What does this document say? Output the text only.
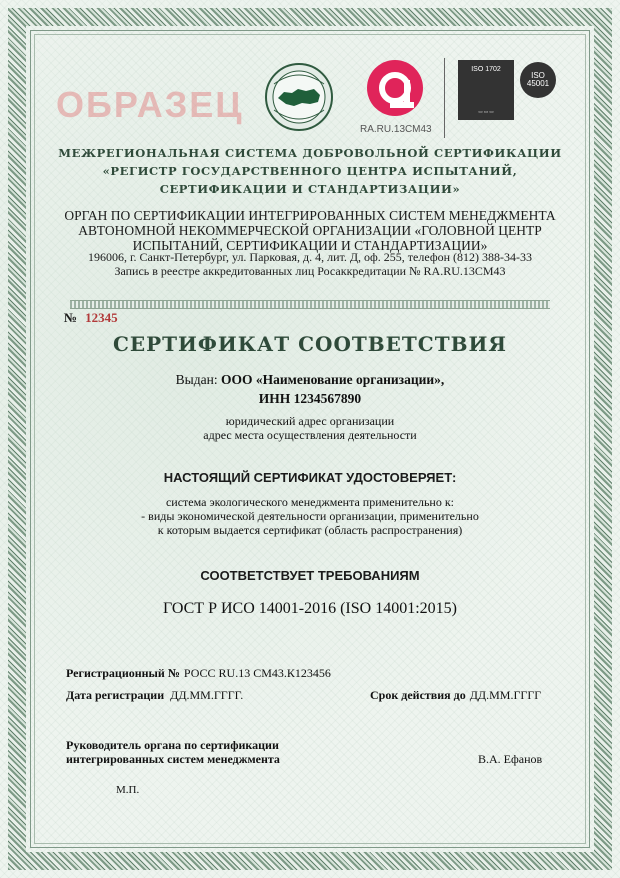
ОБРАЗЕЦ
RA.RU.13СМ43
ISO 1702
▭ ▭ ▭
ISO
45001
МЕЖРЕГИОНАЛЬНАЯ СИСТЕМА ДОБРОВОЛЬНОЙ СЕРТИФИКАЦИИ
«РЕГИСТР ГОСУДАРСТВЕННОГО ЦЕНТРА ИСПЫТАНИЙ,
СЕРТИФИКАЦИИ И СТАНДАРТИЗАЦИИ»
ОРГАН ПО СЕРТИФИКАЦИИ ИНТЕГРИРОВАННЫХ СИСТЕМ МЕНЕДЖМЕНТА
АВТОНОМНОЙ НЕКОММЕРЧЕСКОЙ ОРГАНИЗАЦИИ «ГОЛОВНОЙ ЦЕНТР
ИСПЫТАНИЙ, СЕРТИФИКАЦИИ И СТАНДАРТИЗАЦИИ»
196006, г. Санкт-Петербург, ул. Парковая, д. 4, лит. Д, оф. 255, телефон (812) 388-34-33
Запись в реестре аккредитованных лиц Росаккредитации № RA.RU.13СМ43
№ 12345
СЕРТИФИКАТ СООТВЕТСТВИЯ
Выдан: ООО «Наименование организации»,
ИНН 1234567890
юридический адрес организации
адрес места осуществления деятельности
НАСТОЯЩИЙ СЕРТИФИКАТ УДОСТОВЕРЯЕТ:
система экологического менеджмента применительно к:
- виды экономической деятельности организации, применительно
к которым выдается сертификат (область распространения)
СООТВЕТСТВУЕТ ТРЕБОВАНИЯМ
ГОСТ Р ИСО 14001-2016 (ISO 14001:2015)
Регистрационный № РОСС RU.13 СМ43.К123456
Дата регистрации ДД.ММ.ГГГГ.	Срок действия до ДД.ММ.ГГГГ
Руководитель органа по сертификации
интегрированных систем менеджмента	В.А. Ефанов
М.П.
